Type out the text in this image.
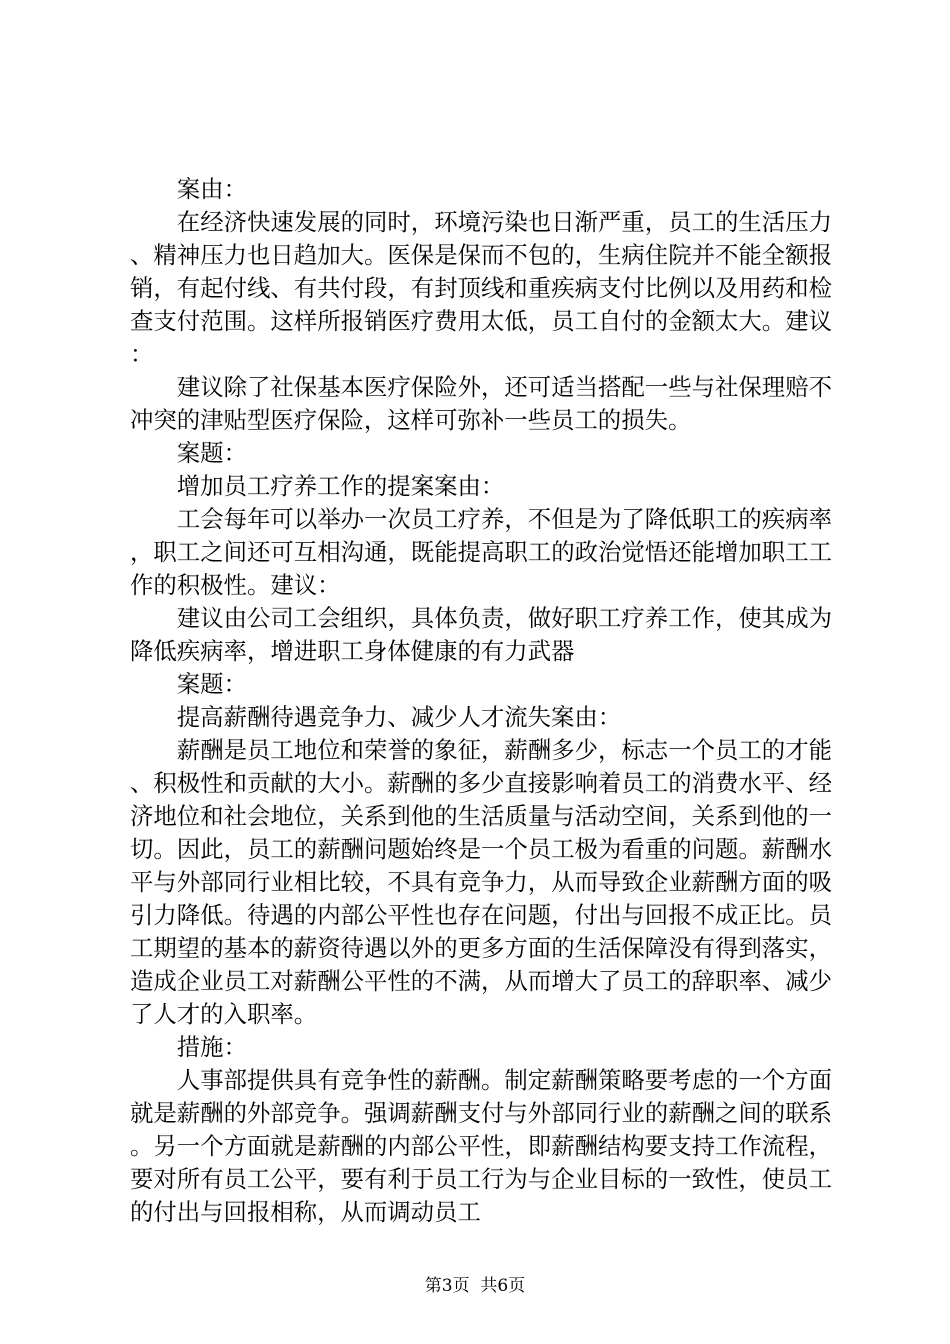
案由：

在经济快速发展的同时，环境污染也日渐严重，员工的生活压力、精神压力也日趋加大。医保是保而不包的，生病住院并不能全额报销，有起付线、有共付段，有封顶线和重疾病支付比例以及用药和检查支付范围。这样所报销医疗费用太低，员工自付的金额太大。建议：

建议除了社保基本医疗保险外，还可适当搭配一些与社保理赔不冲突的津贴型医疗保险，这样可弥补一些员工的损失。

案题：

增加员工疗养工作的提案案由：

工会每年可以举办一次员工疗养，不但是为了降低职工的疾病率，职工之间还可互相沟通，既能提高职工的政治觉悟还能增加职工工作的积极性。建议：

建议由公司工会组织，具体负责，做好职工疗养工作，使其成为降低疾病率，增进职工身体健康的有力武器

案题：

提高薪酬待遇竞争力、减少人才流失案由：

薪酬是员工地位和荣誉的象征，薪酬多少，标志一个员工的才能、积极性和贡献的大小。薪酬的多少直接影响着员工的消费水平、经济地位和社会地位，关系到他的生活质量与活动空间，关系到他的一切。因此，员工的薪酬问题始终是一个员工极为看重的问题。薪酬水平与外部同行业相比较，不具有竞争力，从而导致企业薪酬方面的吸引力降低。待遇的内部公平性也存在问题，付出与回报不成正比。员工期望的基本的薪资待遇以外的更多方面的生活保障没有得到落实，造成企业员工对薪酬公平性的不满，从而增大了员工的辞职率、减少了人才的入职率。

措施：

人事部提供具有竞争性的薪酬。制定薪酬策略要考虑的一个方面就是薪酬的外部竞争。强调薪酬支付与外部同行业的薪酬之间的联系。另一个方面就是薪酬的内部公平性，即薪酬结构要支持工作流程，要对所有员工公平，要有利于员工行为与企业目标的一致性，使员工的付出与回报相称，从而调动员工

第3页  共6页
